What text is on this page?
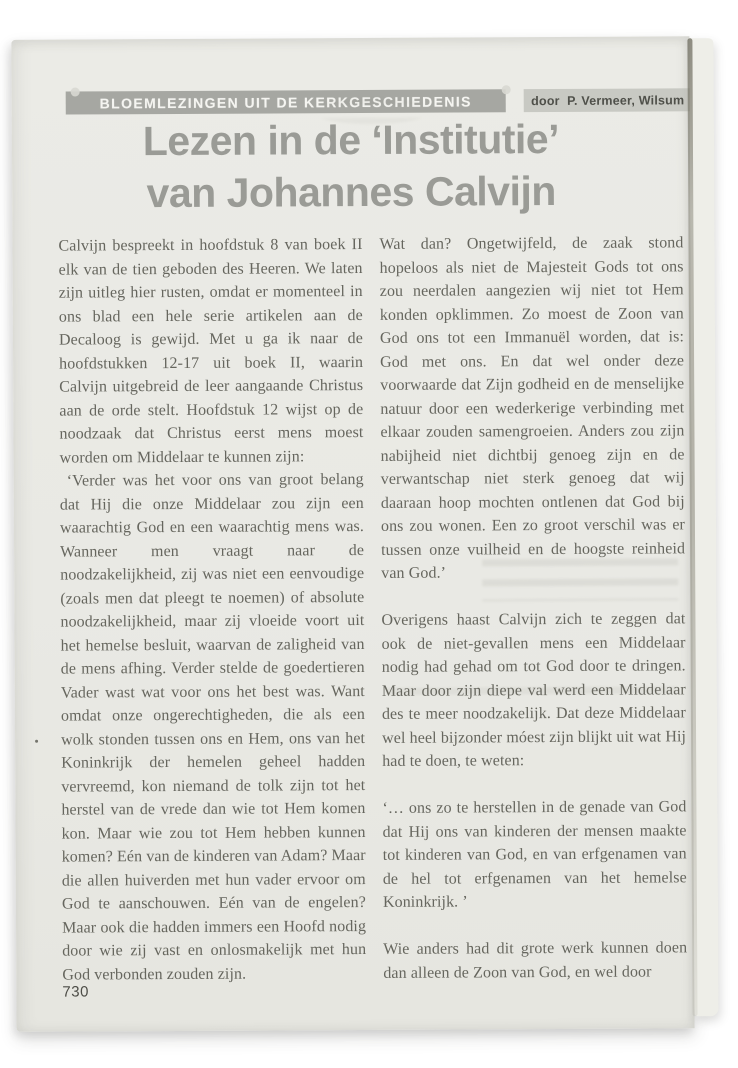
BLOEMLEZINGEN UIT DE KERKGESCHIEDENIS	door  P. Vermeer, Wilsum
Lezen in de ‘Institutie’
van Johannes Calvijn

Calvijn bespreekt in hoofdstuk 8 van boek II elk van de tien geboden des Heeren. We laten zijn uitleg hier rusten, omdat er momenteel in ons blad een hele serie artikelen aan de Decaloog is gewijd. Met u ga ik naar de hoofdstukken 12-17 uit boek II, waarin Calvijn uitgebreid de leer aangaande Christus aan de orde stelt. Hoofdstuk 12 wijst op de noodzaak dat Christus eerst mens moest worden om Middelaar te kunnen zijn:

‘Verder was het voor ons van groot belang dat Hij die onze Middelaar zou zijn een waarachtig God en een waarachtig mens was. Wanneer men vraagt naar de noodzakelijkheid, zij was niet een eenvoudige (zoals men dat pleegt te noemen) of absolute noodzakelijkheid, maar zij vloeide voort uit het hemelse besluit, waarvan de zaligheid van de mens afhing. Verder stelde de goedertieren Vader wast wat voor ons het best was. Want omdat onze ongerechtigheden, die als een wolk stonden tussen ons en Hem, ons van het Koninkrijk der hemelen geheel hadden vervreemd, kon niemand de tolk zijn tot het herstel van de vrede dan wie tot Hem komen kon. Maar wie zou tot Hem hebben kunnen komen? Eén van de kinderen van Adam? Maar die allen huiverden met hun vader ervoor om God te aanschouwen. Eén van de engelen? Maar ook die hadden immers een Hoofd nodig door wie zij vast en onlosmakelijk met hun God verbonden zouden zijn.

Wat dan? Ongetwijfeld, de zaak stond hopeloos als niet de Majesteit Gods tot ons zou neerdalen aangezien wij niet tot Hem konden opklimmen. Zo moest de Zoon van God ons tot een Immanuël worden, dat is: God met ons. En dat wel onder deze voorwaarde dat Zijn godheid en de menselijke natuur door een wederkerige verbinding met elkaar zouden samengroeien. Anders zou zijn nabijheid niet dichtbij genoeg zijn en de verwantschap niet sterk genoeg dat wij daaraan hoop mochten ontlenen dat God bij ons zou wonen. Een zo groot verschil was er tussen onze vuilheid en de hoogste reinheid van God.’

Overigens haast Calvijn zich te zeggen dat ook de niet-gevallen mens een Middelaar nodig had gehad om tot God door te dringen. Maar door zijn diepe val werd een Middelaar des te meer noodzakelijk. Dat deze Middelaar wel heel bijzonder móest zijn blijkt uit wat Hij had te doen, te weten:

‘… ons zo te herstellen in de genade van God dat Hij ons van kinderen der mensen maakte tot kinderen van God, en van erfgenamen van de hel tot erfgenamen van het hemelse Koninkrijk. ’

Wie anders had dit grote werk kunnen doen dan alleen de Zoon van God, en wel door

730
